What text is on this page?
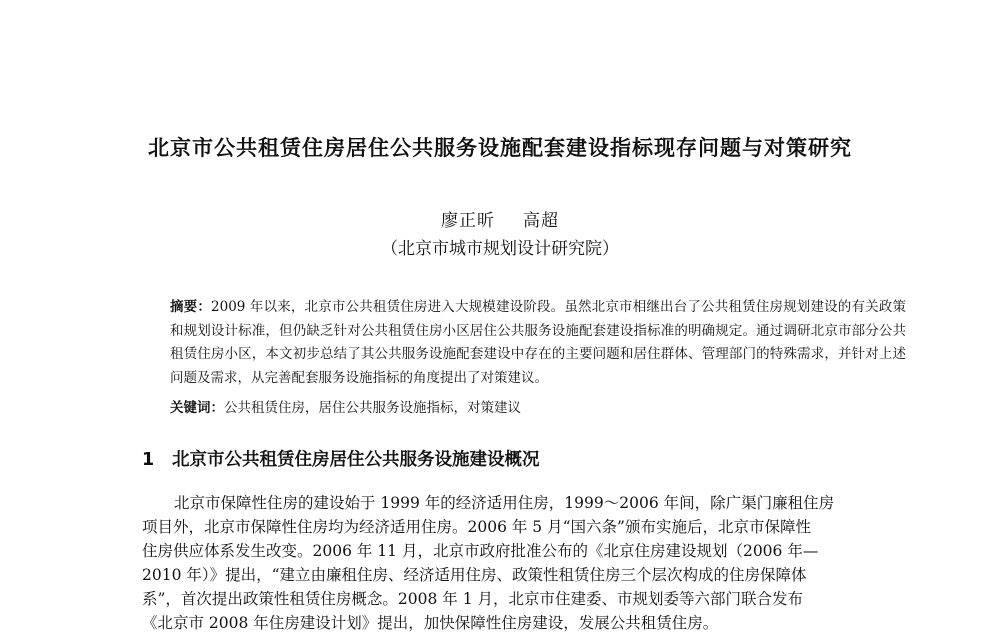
北京市公共租赁住房居住公共服务设施配套建设指标现存问题与对策研究
廖正昕 高超
（北京市城市规划设计研究院）
摘要：2009 年以来，北京市公共租赁住房进入大规模建设阶段。虽然北京市相继出台了公共租赁住房规划建设的有关政策和规划设计标准，但仍缺乏针对公共租赁住房小区居住公共服务设施配套建设指标准的明确规定。通过调研北京市部分公共租赁住房小区，本文初步总结了其公共服务设施配套建设中存在的主要问题和居住群体、管理部门的特殊需求，并针对上述问题及需求，从完善配套服务设施指标的角度提出了对策建议。
关键词：公共租赁住房，居住公共服务设施指标，对策建议
1 北京市公共租赁住房居住公共服务设施建设概况
北京市保障性住房的建设始于 1999 年的经济适用住房，1999～2006 年间，除广渠门廉租住房
项目外，北京市保障性住房均为经济适用住房。2006 年 5 月“国六条”颁布实施后，北京市保障性
住房供应体系发生改变。2006 年 11 月，北京市政府批准公布的《北京住房建设规划（2006 年—
2010 年）》提出，“建立由廉租住房、经济适用住房、政策性租赁住房三个层次构成的住房保障体
系”，首次提出政策性租赁住房概念。2008 年 1 月，北京市住建委、市规划委等六部门联合发布
《北京市 2008 年住房建设计划》提出，加快保障性住房建设，发展公共租赁住房。
